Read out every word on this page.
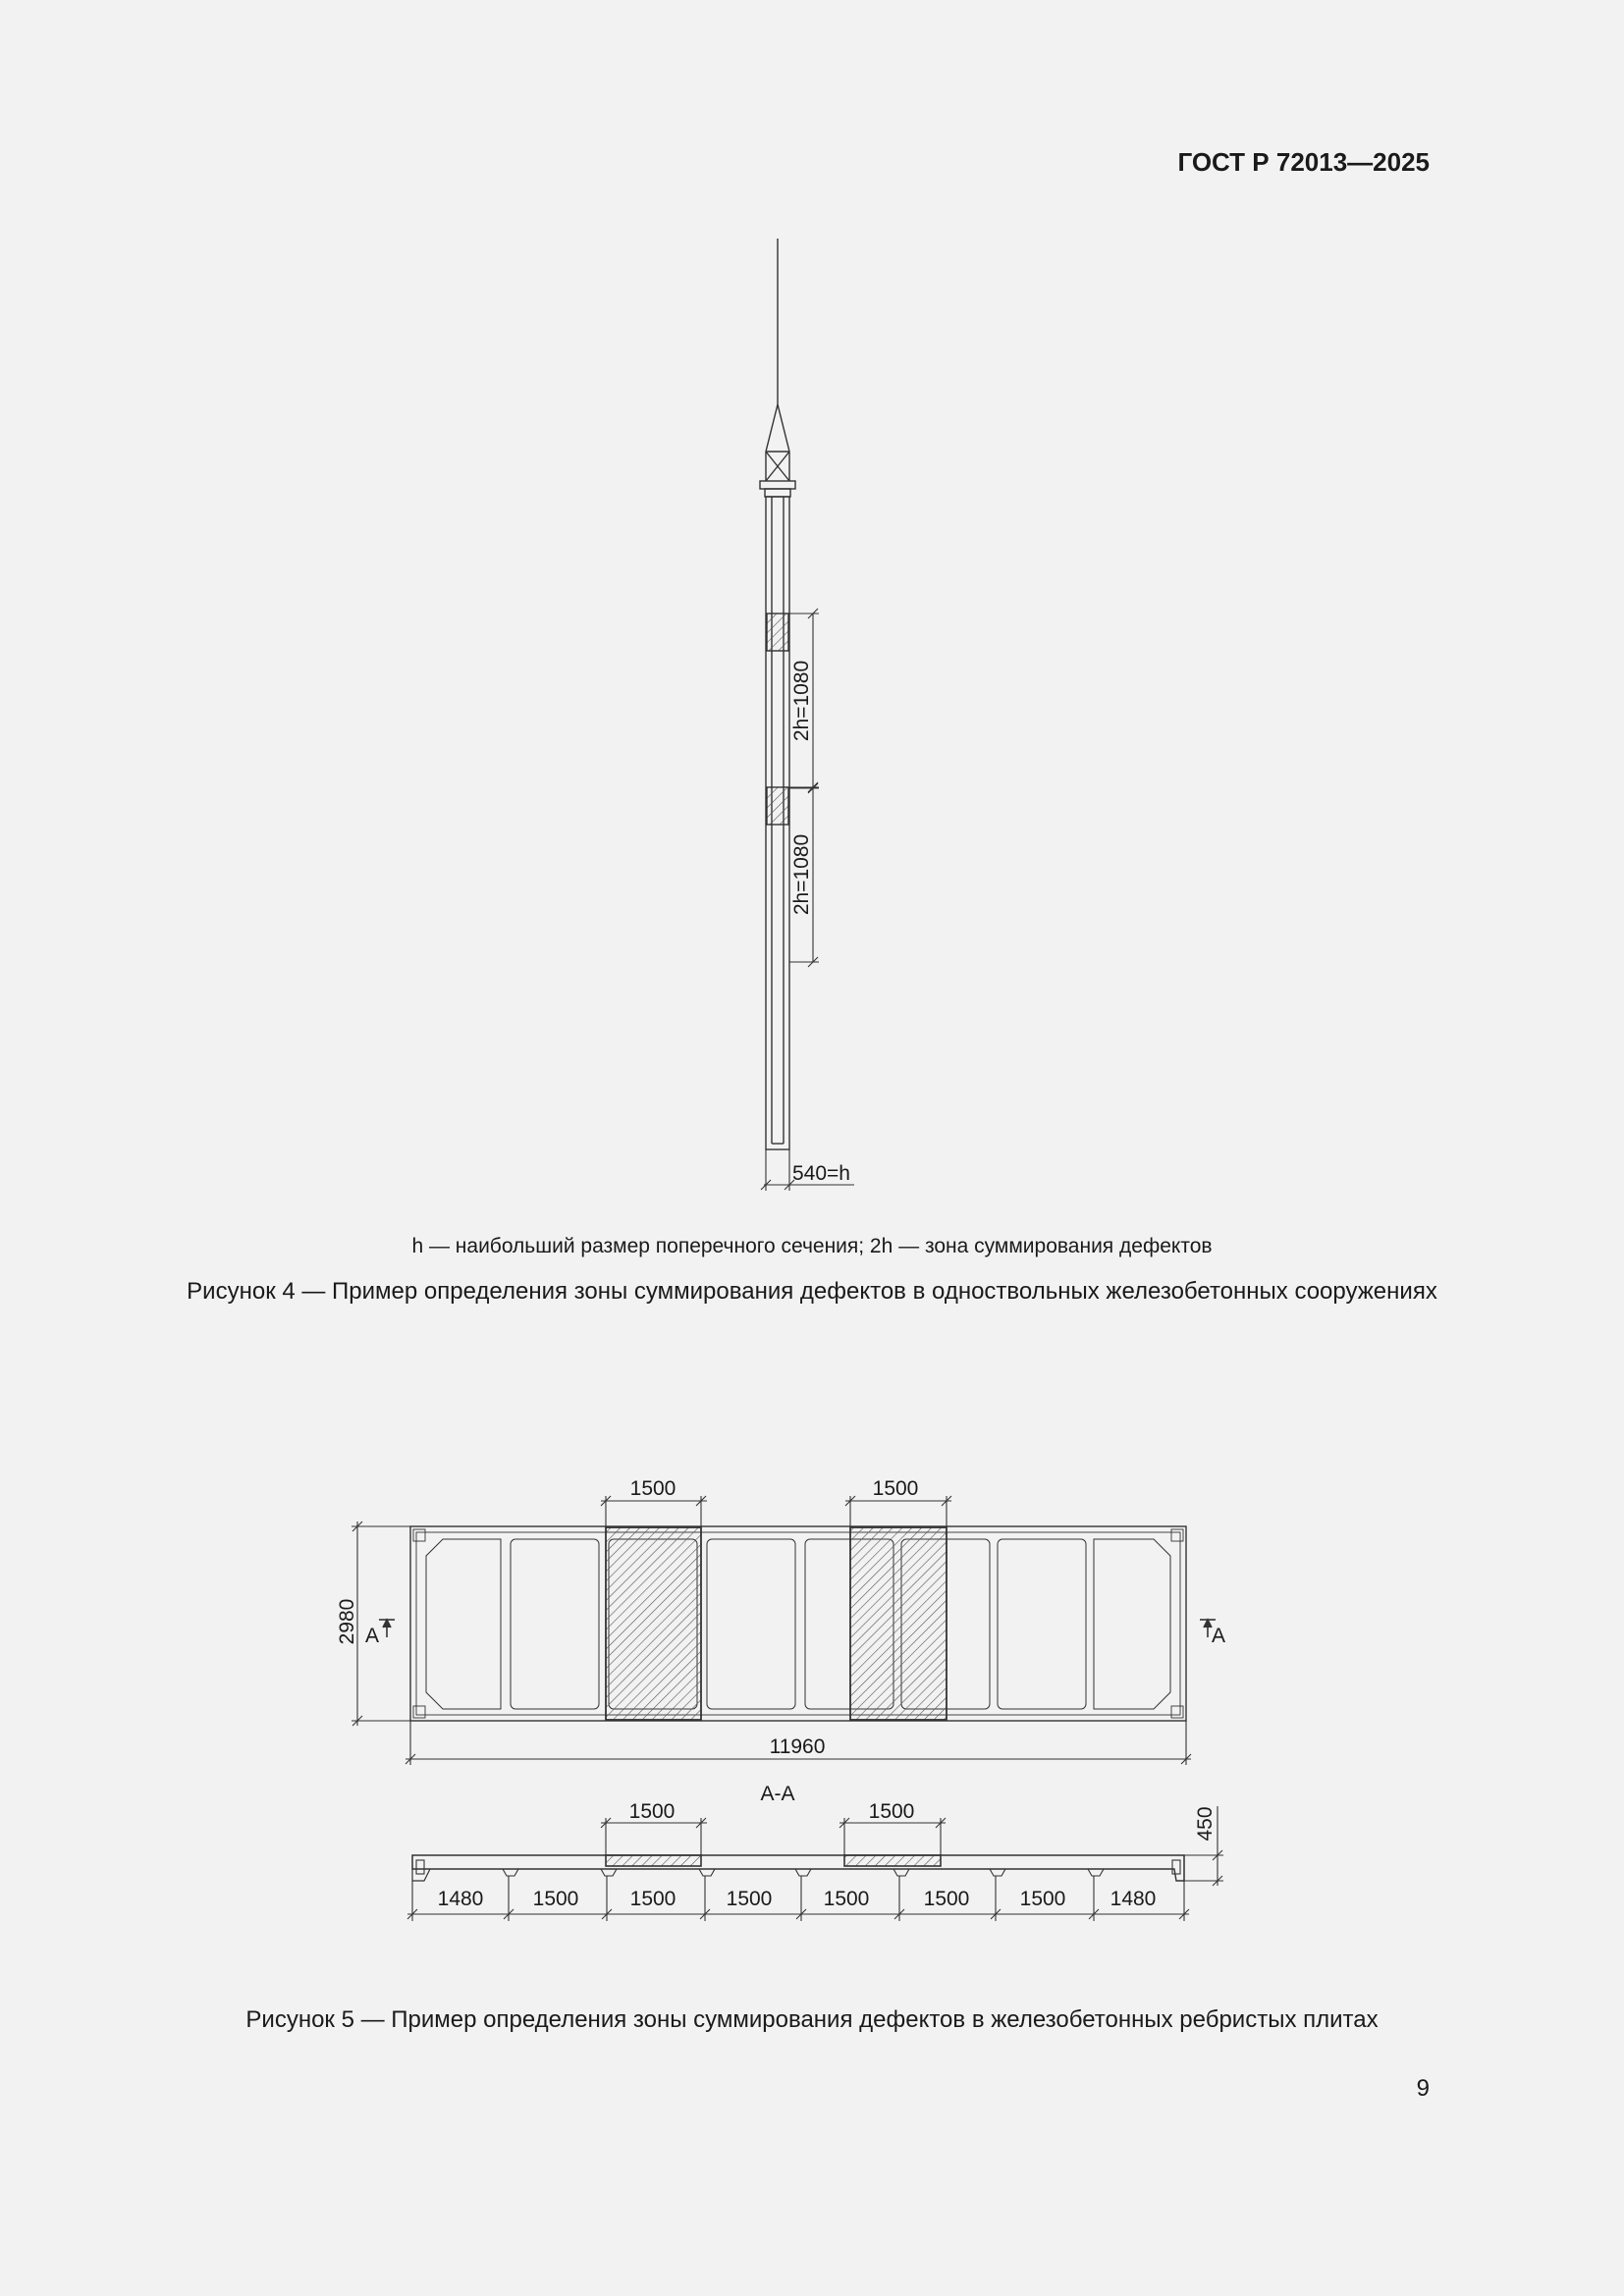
ГОСТ Р 72013—2025
2h=1080
2h=1080
540=h
1500	1500
2980
11960
А	А
А-А
1500	1500	450
1480 1500 1500 1500 1500	1500 1500 1480
h — наибольший размер поперечного сечения; 2h — зона суммирования дефектов
Рисунок 4 — Пример определения зоны суммирования дефектов в одноствольных железобетонных сооружениях
Рисунок 5 — Пример определения зоны суммирования дефектов в железобетонных ребристых плитах
9
